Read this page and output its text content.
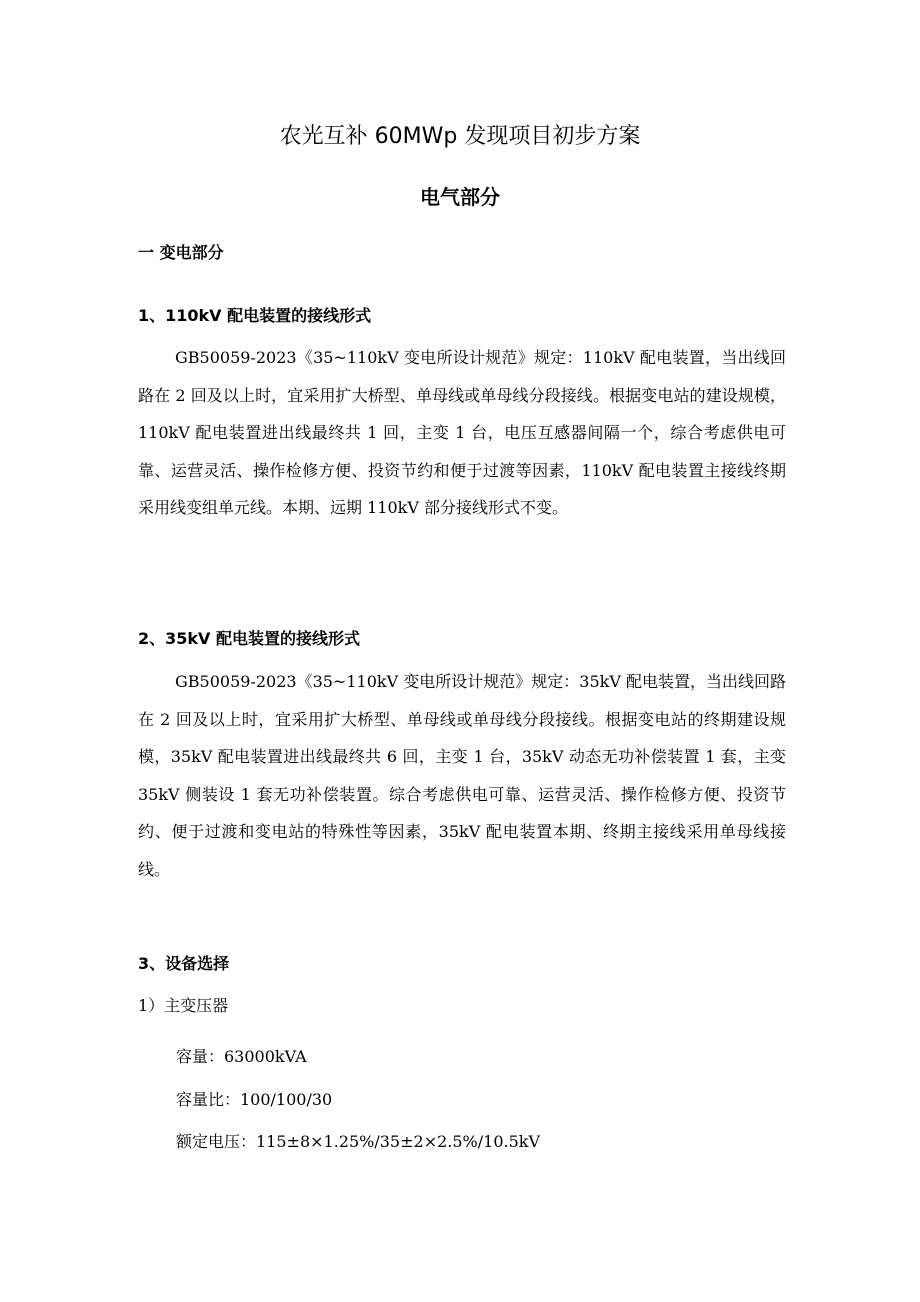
农光互补 60MWp 发现项目初步方案
电气部分
一 变电部分
1、110kV 配电装置的接线形式

GB50059-2023《35~110kV 变电所设计规范》规定：110kV 配电装置，当出线回路在 2 回及以上时，宜采用扩大桥型、单母线或单母线分段接线。根据变电站的建设规模，110kV 配电装置进出线最终共 1 回，主变 1 台，电压互感器间隔一个，综合考虑供电可靠、运营灵活、操作检修方便、投资节约和便于过渡等因素，110kV 配电装置主接线终期采用线变组单元线。本期、远期 110kV 部分接线形式不变。

2、35kV 配电装置的接线形式

GB50059-2023《35~110kV 变电所设计规范》规定：35kV 配电装置，当出线回路在 2 回及以上时，宜采用扩大桥型、单母线或单母线分段接线。根据变电站的终期建设规模，35kV 配电装置进出线最终共 6 回，主变 1 台，35kV 动态无功补偿装置 1 套，主变 35kV 侧装设 1 套无功补偿装置。综合考虑供电可靠、运营灵活、操作检修方便、投资节约、便于过渡和变电站的特殊性等因素，35kV 配电装置本期、终期主接线采用单母线接线。

3、设备选择

1）主变压器

容量：63000kVA

容量比：100/100/30

额定电压：115±8×1.25%/35±2×2.5%/10.5kV
